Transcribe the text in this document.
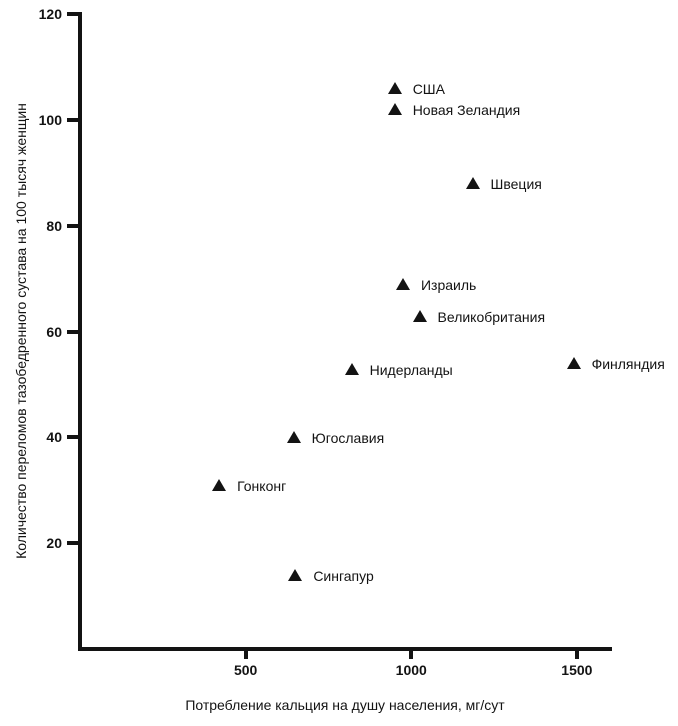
Количество переломов тазобедренного сустава на 100 тысяч женщин	20
40
60
80
100
120
500	1000	1500
США
Новая Зеландия
Швеция
Израиль
Великобритания
Нидерланды	Финляндия
Югославия
Гонконг
Сингапур
Потребление кальция на душу населения, мг/сут
